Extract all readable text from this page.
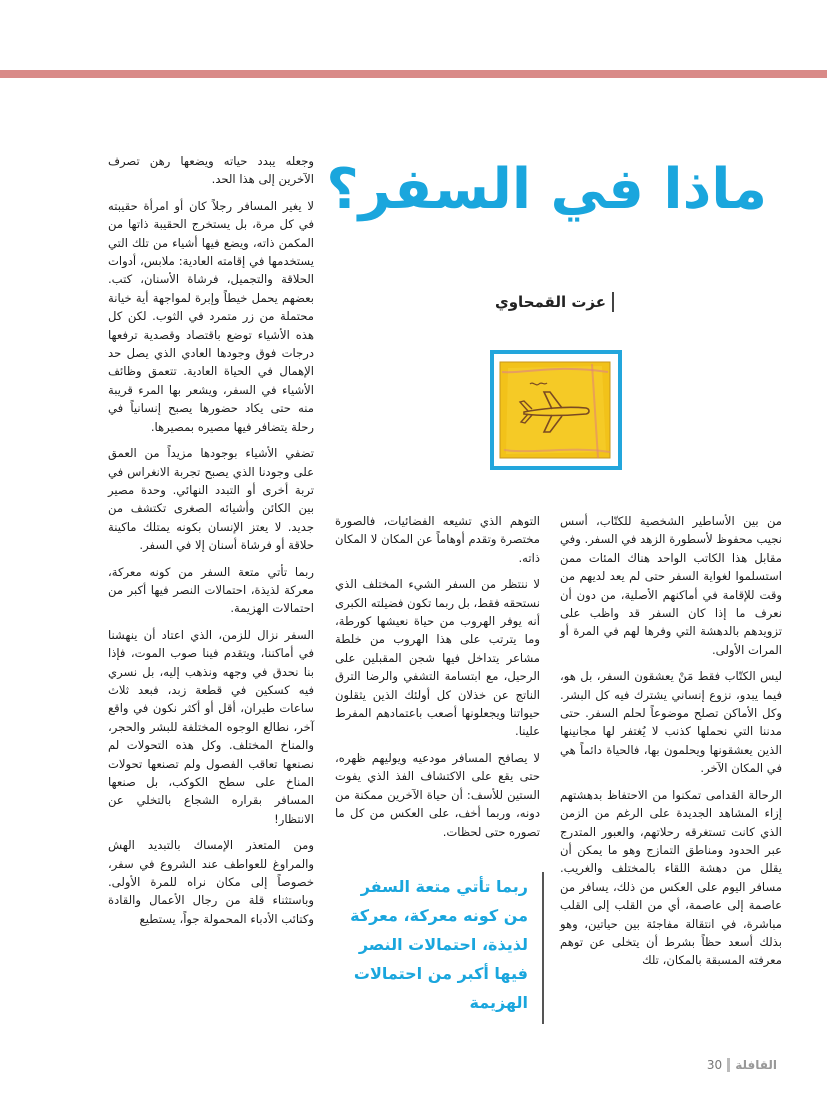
ماذا في السفر؟
عزت القمحاوي

من بين الأساطير الشخصية للكتّاب، أسس نجيب محفوظ لأسطورة الزهد في السفر. وفي مقابل هذا الكاتب الواحد هناك المئات ممن استسلموا لغواية السفر حتى لم يعد لديهم من وقت للإقامة في أماكنهم الأصلية، من دون أن نعرف ما إذا كان السفر قد واظب على تزويدهم بالدهشة التي وفرها لهم في المرة أو المرات الأولى.

ليس الكتّاب فقط مَنْ يعشقون السفر، بل هو، فيما يبدو، نزوع إنساني يشترك فيه كل البشر. وكل الأماكن تصلح موضوعاً لحلم السفر. حتى مدننا التي نحملها كذنب لا يُغتفر لها مجانينها الذين يعشقونها ويحلمون بها، فالحياة دائماً هي في المكان الآخر.

الرحالة القدامى تمكنوا من الاحتفاظ بدهشتهم إزاء المشاهد الجديدة على الرغم من الزمن الذي كانت تستغرقه رحلاتهم، والعبور المتدرج عبر الحدود ومناطق التمازج وهو ما يمكن أن يقلل من دهشة اللقاء بالمختلف والغريب. مسافر اليوم على العكس من ذلك، يسافر من عاصمة إلى عاصمة، أي من القلب إلى القلب مباشرة، في انتقالة مفاجئة بين حياتين، وهو بذلك أسعد حظاً بشرط أن يتخلى عن توهم معرفته المسبقة بالمكان، تلك

التوهم الذي تشيعه الفضائيات، فالصورة مختصرة وتقدم أوهاماً عن المكان لا المكان ذاته.

لا ننتظر من السفر الشيء المختلف الذي نستحقه فقط، بل ربما تكون فضيلته الكبرى أنه يوفر الهروب من حياة نعيشها كورطة، وما يترتب على هذا الهروب من خلطة مشاعر يتداخل فيها شجن المقبلين على الرحيل، مع ابتسامة التشفي والرضا الترق الناتج عن خذلان كل أولئك الذين يثقلون حيواتنا ويجعلونها أصعب باعتمادهم المفرط علينا.

لا يصافح المسافر مودعيه ويوليهم ظهره، حتى يقع على الاكتشاف الفذ الذي يفوت الستين للأسف: أن حياة الآخرين ممكنة من دونه، وربما أخف، على العكس من كل ما تصوره حتى لحظات.

ربما تأتي متعة السفر من كونه معركة، معركة لذيذة، احتمالات النصر فيها أكبر من احتمالات الهزيمة

وجعله يبدد حياته ويضعها رهن تصرف الآخرين إلى هذا الحد.

لا يغير المسافر رجلاً كان أو امرأة حقيبته في كل مرة، بل يستخرج الحقيبة ذاتها من المكمن ذاته، ويضع فيها أشياء من تلك التي يستخدمها في إقامته العادية: ملابس، أدوات الحلاقة والتجميل، فرشاة الأسنان، كتب. بعضهم يحمل خيطاً وإبرة لمواجهة أية خيانة محتملة من زر متمرد في الثوب. لكن كل هذه الأشياء توضع باقتصاد وقصدية ترفعها درجات فوق وجودها العادي الذي يصل حد الإهمال في الحياة العادية. تتعمق وظائف الأشياء في السفر، ويشعر بها المرء قريبة منه حتى يكاد حضورها يصبح إنسانياً في رحلة يتضافر فيها مصيره بمصيرها.

تضفي الأشياء بوجودها مزيداً من العمق على وجودنا الذي يصبح تجربة الانغراس في تربة أخرى أو التبدد النهائي. وحدة مصير بين الكائن وأشيائه الصغرى تكتشف من جديد. لا يعتز الإنسان بكونه يمتلك ماكينة حلاقة أو فرشاة أسنان إلا في السفر.

ربما تأتي متعة السفر من كونه معركة، معركة لذيذة، احتمالات النصر فيها أكبر من احتمالات الهزيمة.

السفر نزال للزمن، الذي اعتاد أن ينهشنا في أماكننا، ويتقدم فينا صوب الموت، فإذا بنا نحدق في وجهه ونذهب إليه، بل نسري فيه كسكين في قطعة زبد، فبعد ثلاث ساعات طيران، أقل أو أكثر نكون في واقع آخر، نطالع الوجوه المختلفة للبشر والحجر، والمناخ المختلف. وكل هذه التحولات لم نصنعها تعاقب الفصول ولم تصنعها تحولات المناخ على سطح الكوكب، بل صنعها المسافر بقراره الشجاع بالتخلي عن الانتظار!

ومن المتعذر الإمساك بالتبديد الهش والمراوغ للعواطف عند الشروع في سفر، خصوصاً إلى مكان نراه للمرة الأولى. وباستثناء قلة من رجال الأعمال والقادة وكتائب الأدباء المحمولة جواً، يستطيع

القافلة
30
